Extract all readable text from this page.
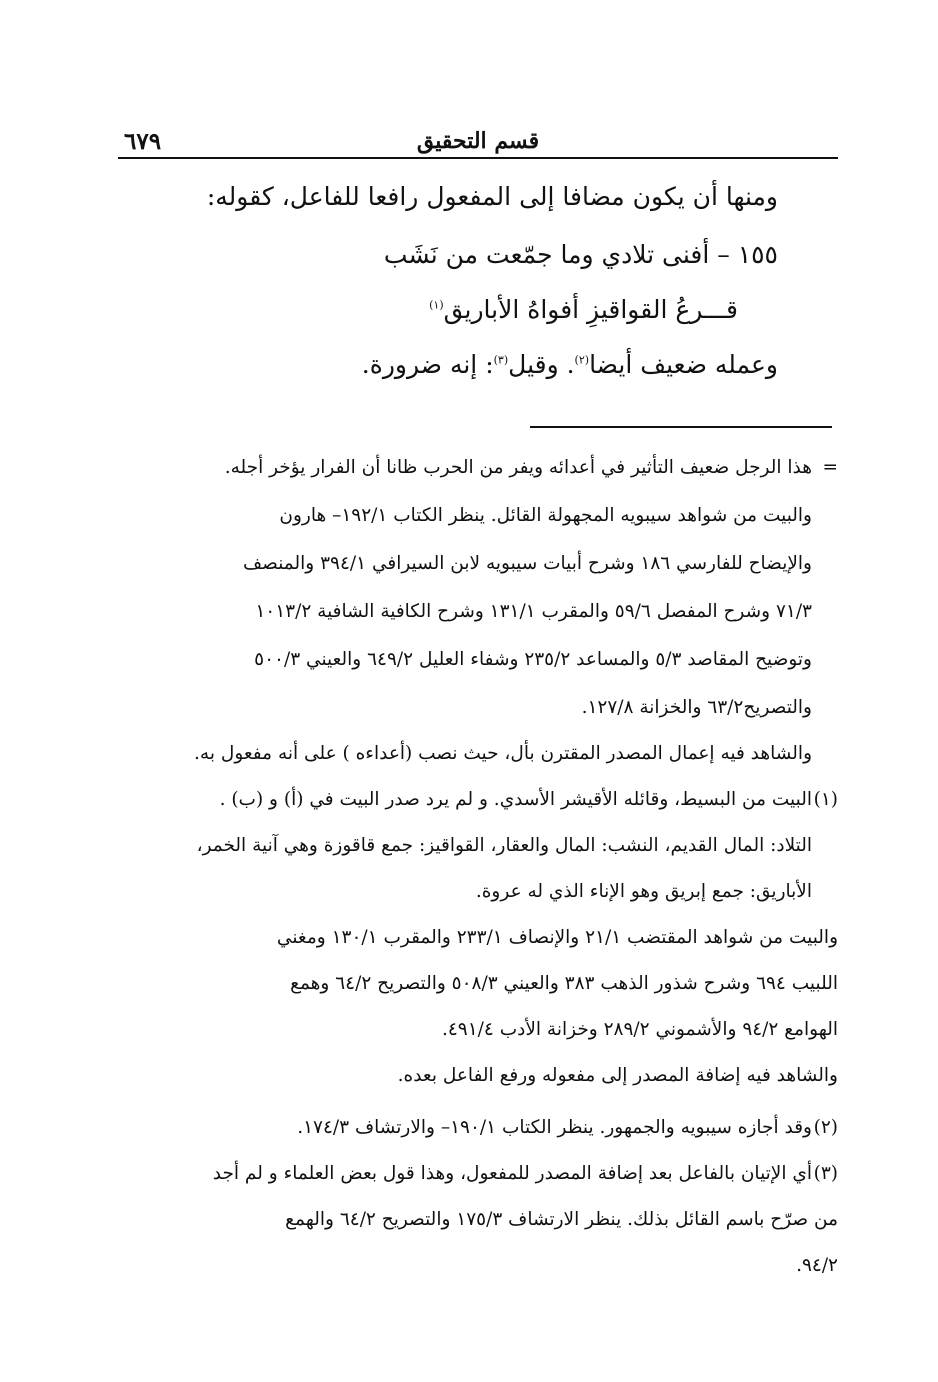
قسم التحقيق
٦٧٩
ومنها أن يكون مضافا إلى المفعول رافعا للفاعل، كقوله:
١٥٥ – أفنى تلادي وما جمّعت من نَشَب
قـــرعُ القواقيزِ أفواهُ الأباريق$^{(١)}$
وعمله ضعيف أيضا$^{(٢)}$. وقيل$^{(٣)}$: إنه ضرورة.
=هذا الرجل ضعيف التأثير في أعدائه ويفر من الحرب ظانا أن الفرار يؤخر أجله.
والبيت من شواهد سيبويه المجهولة القائل. ينظر الكتاب ١٩٢/١– هارون
والإيضاح للفارسي ١٨٦ وشرح أبيات سيبويه لابن السيرافي ٣٩٤/١ والمنصف
٧١/٣ وشرح المفصل ٥٩/٦ والمقرب ١٣١/١ وشرح الكافية الشافية ١٠١٣/٢
وتوضيح المقاصد ٥/٣ والمساعد ٢٣٥/٢ وشفاء العليل ٦٤٩/٢ والعيني ٥٠٠/٣
والتصريح٦٣/٢ والخزانة ١٢٧/٨.
والشاهد فيه إعمال المصدر المقترن بأل، حيث نصب (أعداءه ) على أنه مفعول به.
(١)البيت من البسيط، وقائله الأقيشر الأسدي. و لم يرد صدر البيت في (أ) و (ب) .
التلاد: المال القديم، النشب: المال والعقار، القواقيز: جمع قاقوزة وهي آنية الخمر،
الأباريق: جمع إبريق وهو الإناء الذي له عروة.
والبيت من شواهد المقتضب ٢١/١ والإنصاف ٢٣٣/١ والمقرب ١٣٠/١ ومغني
اللبيب ٦٩٤ وشرح شذور الذهب ٣٨٣ والعيني ٥٠٨/٣ والتصريح ٦٤/٢ وهمع
الهوامع ٩٤/٢ والأشموني ٢٨٩/٢ وخزانة الأدب ٤٩١/٤.
والشاهد فيه إضافة المصدر إلى مفعوله ورفع الفاعل بعده.
(٢)وقد أجازه سيبويه والجمهور. ينظر الكتاب ١٩٠/١– والارتشاف ١٧٤/٣.
(٣)أي الإتيان بالفاعل بعد إضافة المصدر للمفعول، وهذا قول بعض العلماء و لم أجد
من صرّح باسم القائل بذلك. ينظر الارتشاف ١٧٥/٣ والتصريح ٦٤/٢ والهمع
٩٤/٢.
